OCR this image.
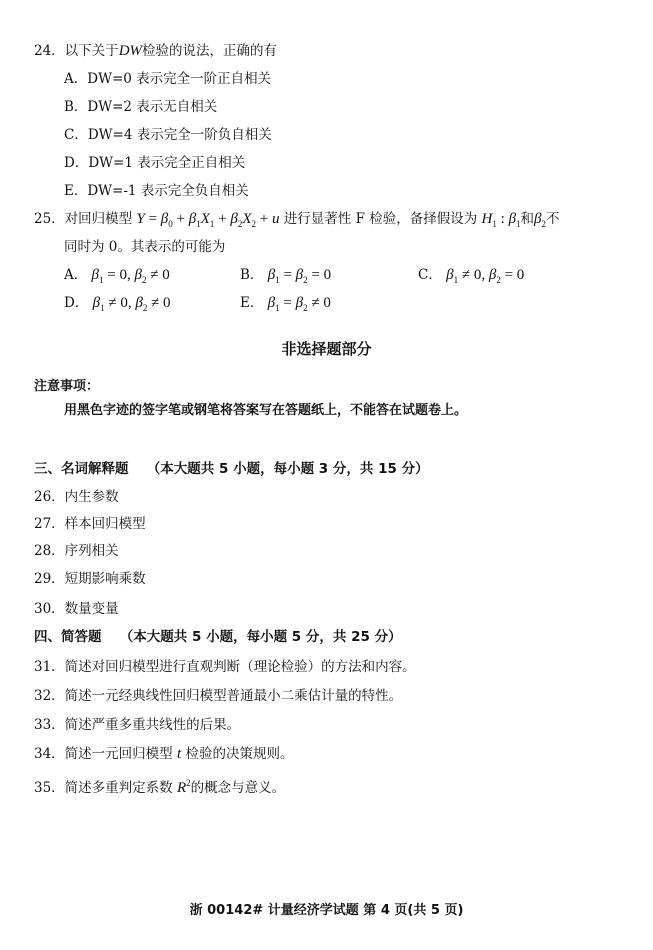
24．以下关于DW检验的说法，正确的有
A．DW=0 表示完全一阶正自相关
B．DW=2 表示无自相关
C．DW=4 表示完全一阶负自相关
D．DW=1 表示完全正自相关
E．DW=-1 表示完全负自相关
25．对回归模型 $Y = \beta_0 + \beta_1X_1 + \beta_2X_2 + u$ 进行显著性 F 检验，备择假设为 $H_1$ : $\beta_1$和$\beta_2$不
同时为 0。其表示的可能为
A． $\beta_1 = 0$, $\beta_2 \ne 0$	B． $\beta_1 = \beta_2 = 0$	C． $\beta_1 \ne 0$, $\beta_2 = 0$
D． $\beta_1 \ne 0$, $\beta_2 \ne 0$	E． $\beta_1 = \beta_2 \ne 0$
非选择题部分
注意事项：
用黑色字迹的签字笔或钢笔将答案写在答题纸上，不能答在试题卷上。
三、名词解释题 （本大题共 5 小题，每小题 3 分，共 15 分）
26．内生参数
27．样本回归模型
28．序列相关
29．短期影响乘数
30．数量变量
四、简答题 （本大题共 5 小题，每小题 5 分，共 25 分）
31．简述对回归模型进行直观判断（理论检验）的方法和内容。
32．简述一元经典线性回归模型普通最小二乘估计量的特性。
33．简述严重多重共线性的后果。
34．简述一元回归模型 t 检验的决策规则。
35．简述多重判定系数 $R^2$的概念与意义。
浙 00142# 计量经济学试题 第 4 页(共 5 页)
